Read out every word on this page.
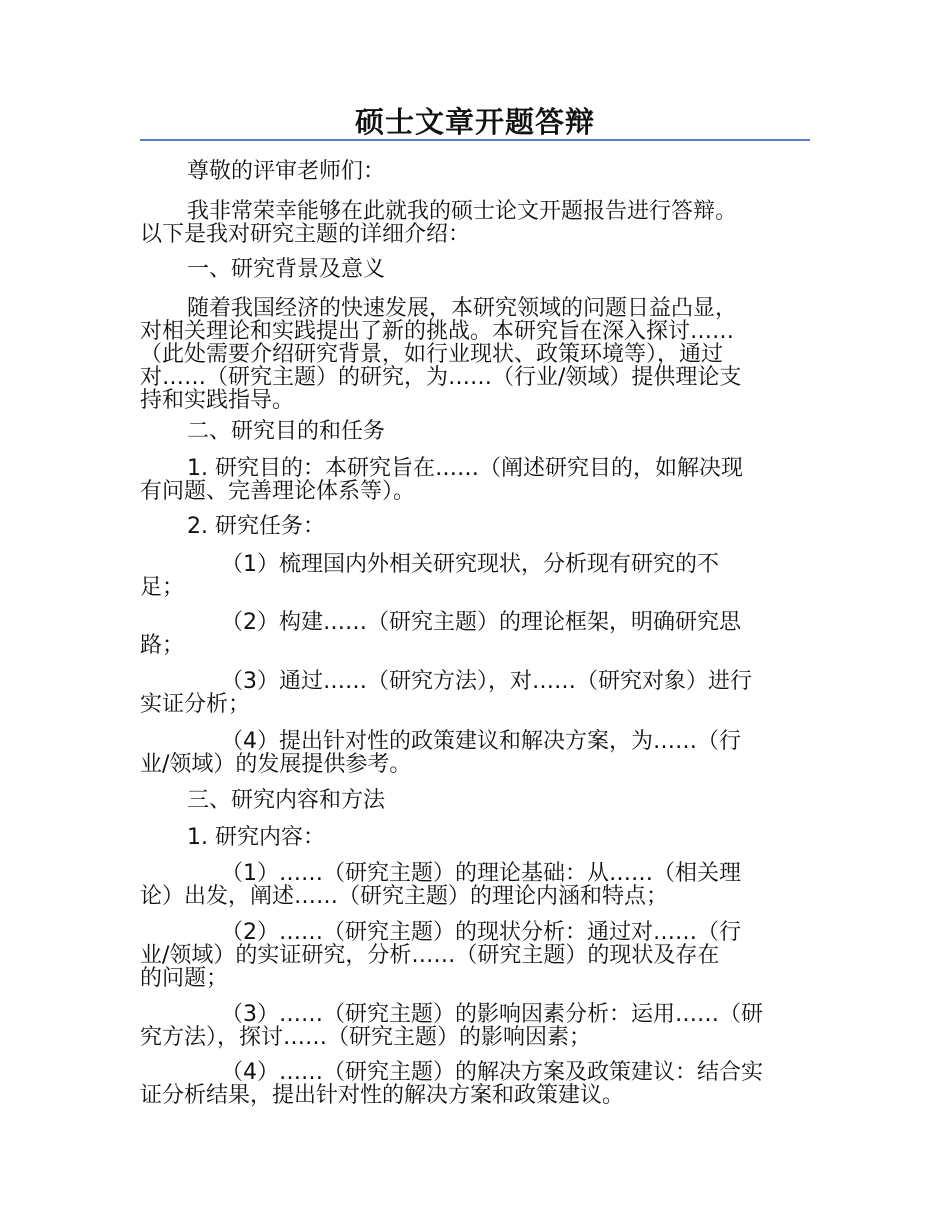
硕士文章开题答辩

尊敬的评审老师们：

我非常荣幸能够在此就我的硕士论文开题报告进行答辩。
以下是我对研究主题的详细介绍：

一、研究背景及意义

随着我国经济的快速发展，本研究领域的问题日益凸显，
对相关理论和实践提出了新的挑战。本研究旨在深入探讨……
（此处需要介绍研究背景，如行业现状、政策环境等），通过
对……（研究主题）的研究，为……（行业/领域）提供理论支
持和实践指导。

二、研究目的和任务

1. 研究目的：本研究旨在……（阐述研究目的，如解决现
有问题、完善理论体系等）。

2. 研究任务：

（1）梳理国内外相关研究现状，分析现有研究的不
足；

（2）构建……（研究主题）的理论框架，明确研究思
路；

（3）通过……（研究方法），对……（研究对象）进行
实证分析；

（4）提出针对性的政策建议和解决方案，为……（行
业/领域）的发展提供参考。

三、研究内容和方法

1. 研究内容：

（1）……（研究主题）的理论基础：从……（相关理
论）出发，阐述……（研究主题）的理论内涵和特点；

（2）……（研究主题）的现状分析：通过对……（行
业/领域）的实证研究，分析……（研究主题）的现状及存在
的问题；

（3）……（研究主题）的影响因素分析：运用……（研
究方法），探讨……（研究主题）的影响因素；

（4）……（研究主题）的解决方案及政策建议：结合实
证分析结果，提出针对性的解决方案和政策建议。
